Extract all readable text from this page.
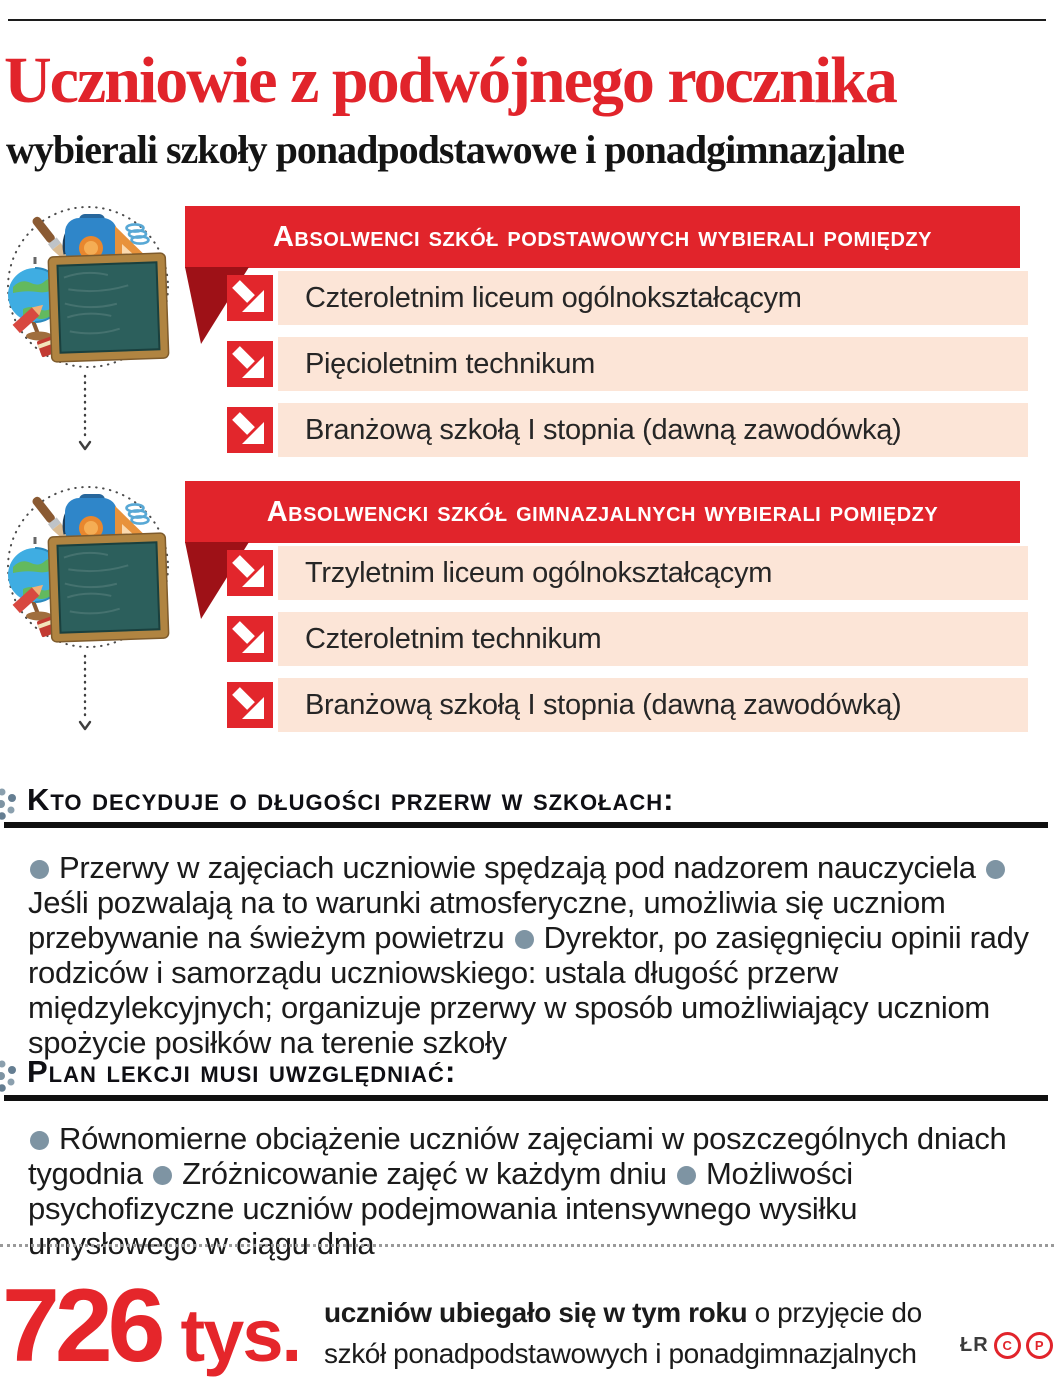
Uczniowie z podwójnego rocznika
wybierali szkoły ponadpodstawowe i ponadgimnazjalne
Absolwenci szkół podstawowych wybierali pomiędzy
Czteroletnim liceum ogólnokształcącym
Pięcioletnim technikum
Branżową szkołą I stopnia (dawną zawodówką)
Absolwencki szkół gimnazjalnych wybierali pomiędzy
Trzyletnim liceum ogólnokształcącym
Czteroletnim technikum
Branżową szkołą I stopnia (dawną zawodówką)
Kto decyduje o długości przerw w szkołach:
Przerwy w zajęciach uczniowie spędzają pod nadzorem nauczyciela Jeśli pozwalają na to warunki atmosferyczne, umożliwia się uczniom przebywanie na świeżym powietrzu Dyrektor, po zasięgnięciu opinii rady rodziców i samorządu uczniowskiego: ustala długość przerw międzylekcyjnych; organizuje przerwy w sposób umożliwiający uczniom spożycie posiłków na terenie szkoły
Plan lekcji musi uwzględniać:
Równomierne obciążenie uczniów zajęciami w poszczególnych dniach tygodnia Zróżnicowanie zajęć w każdym dniu Możliwości psychofizyczne uczniów podejmowania intensywnego wysiłku umysłowego w ciągu dnia
726 tys. uczniów ubiegało się w tym roku o przyjęcie do
szkół ponadpodstawowych i ponadgimnazjalnych	ŁR	C	P
